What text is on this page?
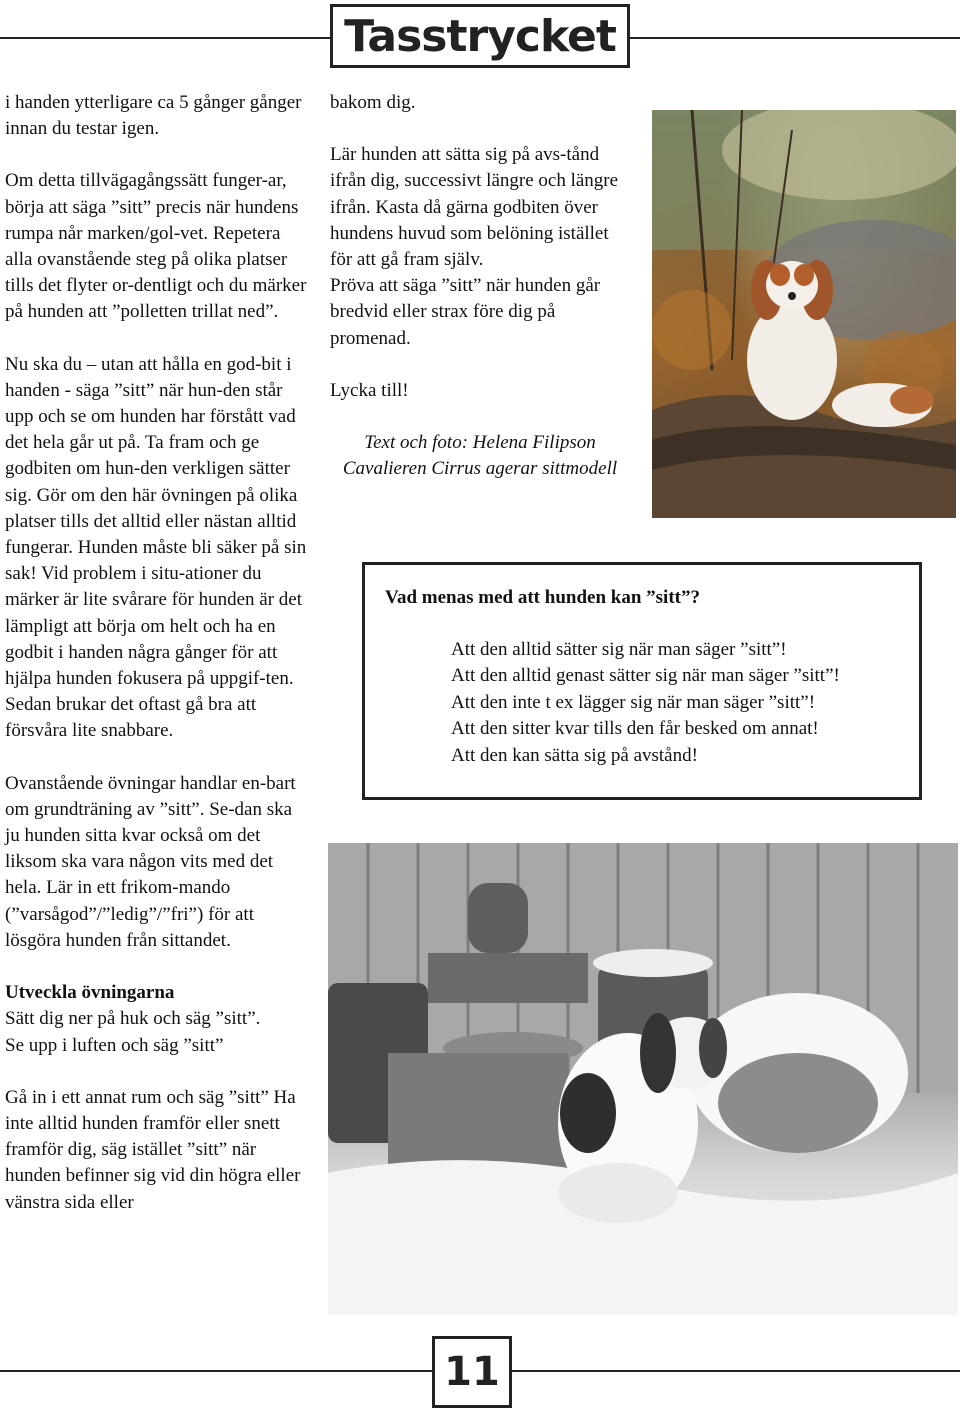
Tasstrycket

i handen ytterligare ca 5 gånger gånger innan du testar igen.

Om detta tillvägagångssätt funger-ar, börja att säga ”sitt” precis när hundens rumpa når marken/gol-vet. Repetera alla ovanstående steg på olika platser tills det flyter or-dentligt och du märker på hunden att ”polletten trillat ned”.

Nu ska du – utan att hålla en god-bit i handen - säga ”sitt” när hun-den står upp och se om hunden har förstått vad det hela går ut på. Ta fram och ge godbiten om hun-den verkligen sätter sig. Gör om den här övningen på olika platser tills det alltid eller nästan alltid fungerar. Hunden måste bli säker på sin sak! Vid problem i situ-ationer du märker är lite svårare för hunden är det lämpligt att börja om helt och ha en godbit i handen några gånger för att hjälpa hunden fokusera på uppgif-ten. Sedan brukar det oftast gå bra att försvåra lite snabbare.

Ovanstående övningar handlar en-bart om grundträning av ”sitt”. Se-dan ska ju hunden sitta kvar också om det liksom ska vara någon vits med det hela. Lär in ett frikom-mando (”varsågod”/”ledig”/”fri”) för att lösgöra hunden från sittandet.

Utveckla övningarna

Sätt dig ner på huk och säg ”sitt”.

Se upp i luften och säg ”sitt”

Gå in i ett annat rum och säg ”sitt” Ha inte alltid hunden framför eller snett framför dig, säg istället ”sitt” när hunden befinner sig vid din högra eller vänstra sida eller

bakom dig.

Lär hunden att sätta sig på avs-tånd ifrån dig, successivt längre och längre ifrån. Kasta då gärna godbiten över hundens huvud som belöning istället för att gå fram själv.

Pröva att säga ”sitt” när hunden går bredvid eller strax före dig på promenad.

Lycka till!

Text och foto: Helena Filipson

Cavalieren Cirrus agerar sittmodell

Vad menas med att hunden kan ”sitt”?
Att den alltid sätter sig när man säger ”sitt”!
Att den alltid genast sätter sig när man säger ”sitt”!
Att den inte t ex lägger sig när man säger ”sitt”!
Att den sitter kvar tills den får besked om annat!
Att den kan sätta sig på avstånd!
11
